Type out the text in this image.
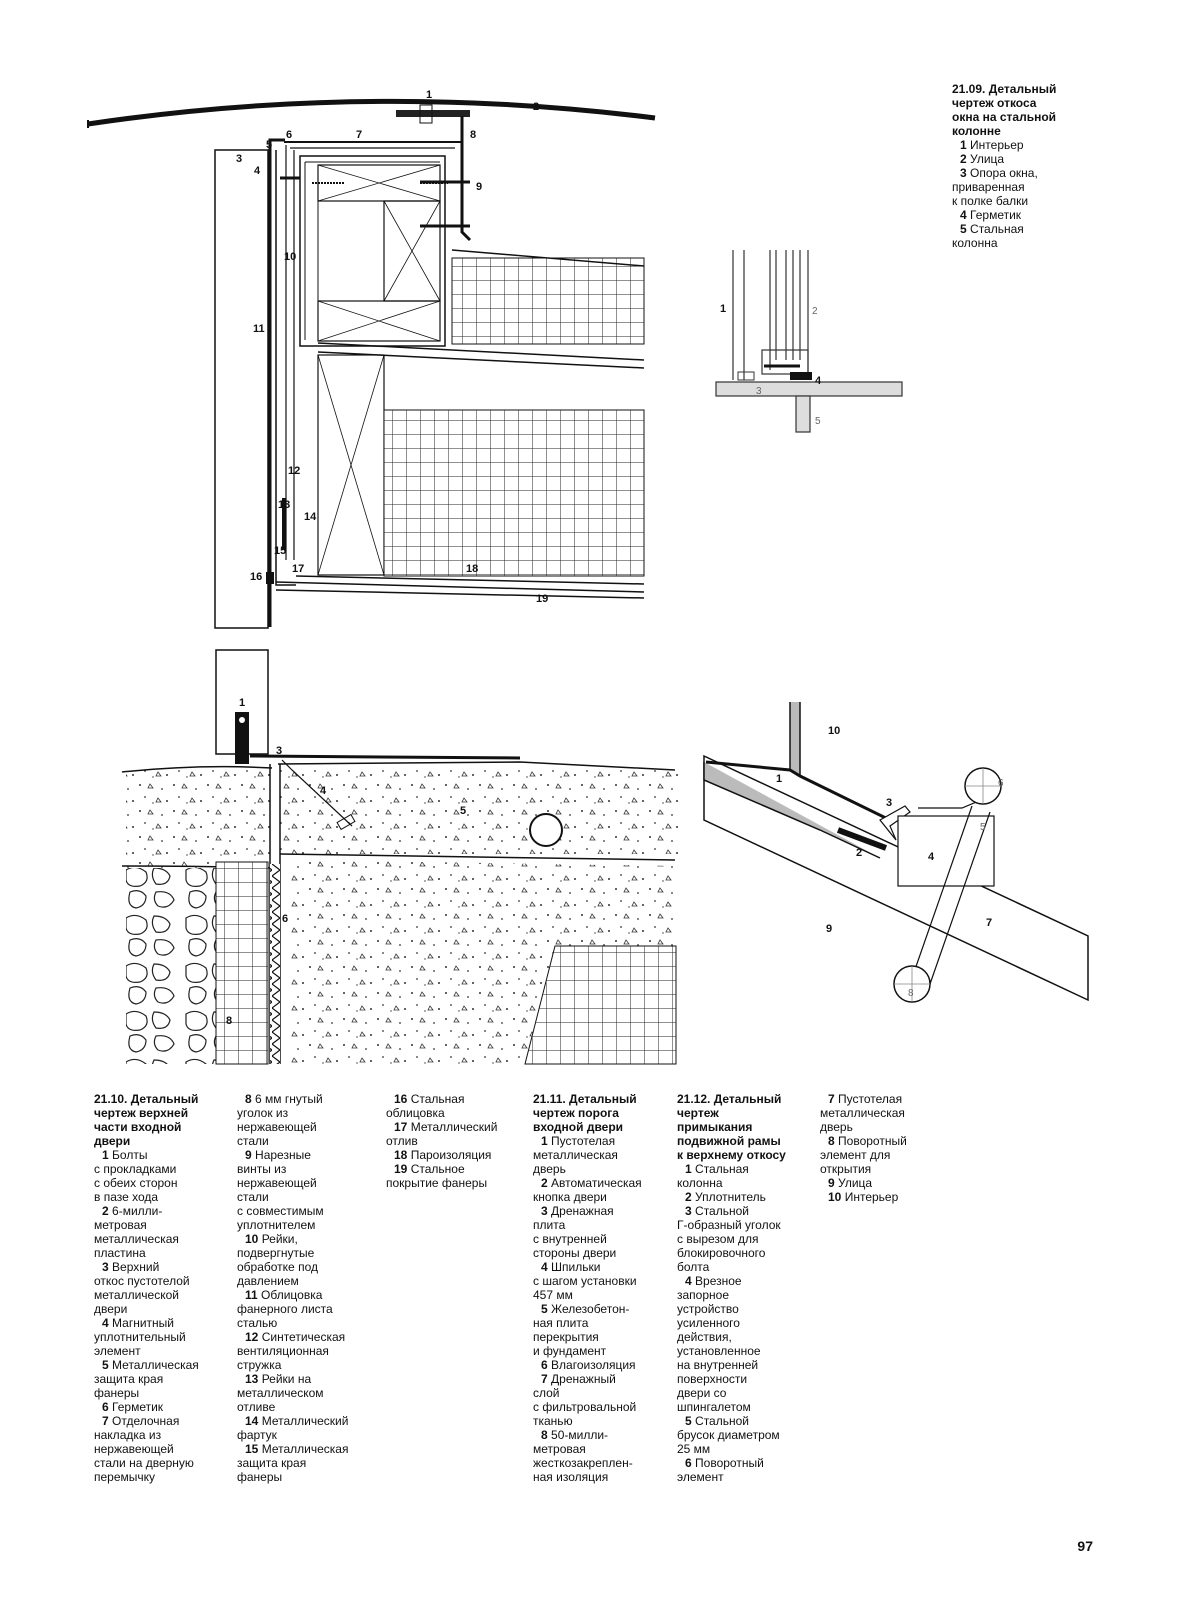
1
2
3
4
5
6	7	8
9
10
11
12
13
14
15
16
17	18
19
1	2
3
4
5
1
3
4
5
6
8
10
1
2
3
4
5
6
7
8
9
21.09. Детальный
чертеж откоса
окна на стальной
колонне
1 Интерьер
2 Улица
3 Опора окна,
приваренная
к полке балки
4 Герметик
5 Стальная
колонна
21.10. Детальный
чертеж верхней
части входной
двери
1 Болты
с прокладками
с обеих сторон
в пазе хода
2 6-милли-
метровая
металлическая
пластина
3 Верхний
откос пустотелой
металлической
двери
4 Магнитный
уплотнительный
элемент
5 Металлическая
защита края
фанеры
6 Герметик
7 Отделочная
накладка из
нержавеющей
стали на дверную
перемычку
8 6 мм гнутый
уголок из
нержавеющей
стали
9 Нарезные
винты из
нержавеющей
стали
с совместимым
уплотнителем
10 Рейки,
подвергнутые
обработке под
давлением
11 Облицовка
фанерного листа
сталью
12 Синтетическая
вентиляционная
стружка
13 Рейки на
металлическом
отливе
14 Металлический
фартук
15 Металлическая
защита края
фанеры
16 Стальная
облицовка
17 Металлический
отлив
18 Пароизоляция
19 Стальное
покрытие фанеры
21.11. Детальный
чертеж порога
входной двери
1 Пустотелая
металлическая
дверь
2 Автоматическая
кнопка двери
3 Дренажная
плита
с внутренней
стороны двери
4 Шпильки
с шагом установки
457 мм
5 Железобетон-
ная плита
перекрытия
и фундамент
6 Влагоизоляция
7 Дренажный
слой
с фильтровальной
тканью
8 50-милли-
метровая
жесткозакреплен-
ная изоляция
21.12. Детальный
чертеж
примыкания
подвижной рамы
к верхнему откосу
1 Стальная
колонна
2 Уплотнитель
3 Стальной
Г-образный уголок
с вырезом для
блокировочного
болта
4 Врезное
запорное
устройство
усиленного
действия,
установленное
на внутренней
поверхности
двери со
шпингалетом
5 Стальной
брусок диаметром
25 мм
6 Поворотный
элемент
7 Пустотелая
металлическая
дверь
8 Поворотный
элемент для
открытия
9 Улица
10 Интерьер
97
